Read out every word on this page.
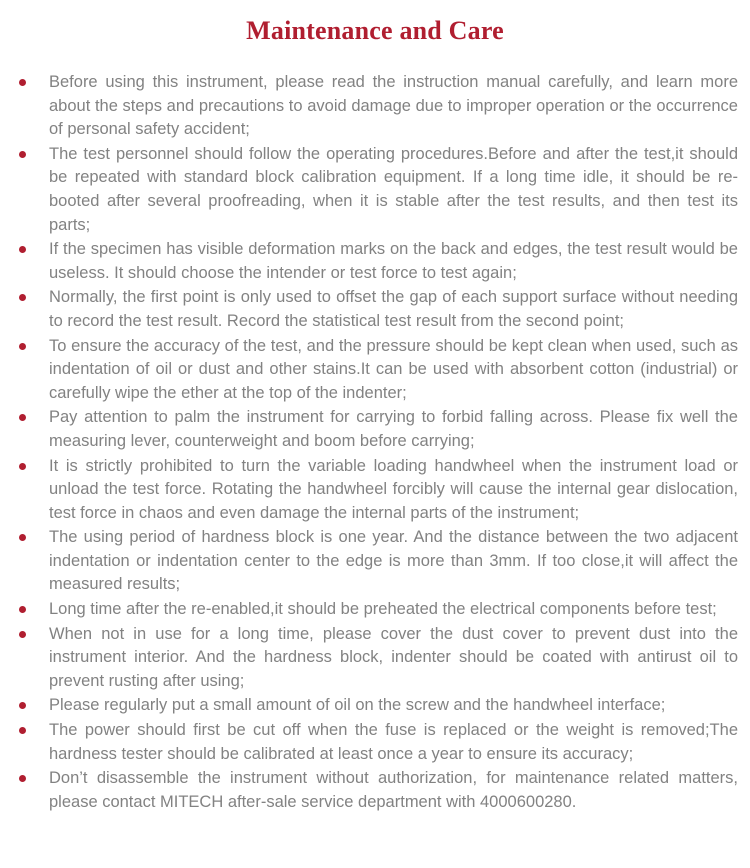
Maintenance and Care

Before using this instrument, please read the instruction manual carefully, and learn more about the steps and precautions to avoid damage due to improper operation or the occurrence of personal safety accident;

The test personnel should follow the operating procedures.Before and after the test,it should be repeated with standard block calibration equipment. If a long time idle, it should be re-booted after several proofreading, when it is stable after the test results, and then test its parts;

If the specimen has visible deformation marks on the back and edges, the test result would be useless. It should choose the intender or test force to test again;

Normally, the first point is only used to offset the gap of each support surface without needing to record the test result. Record the statistical test result from the second point;

To ensure the accuracy of the test, and the pressure should be kept clean when used, such as indentation of oil or dust and other stains.It can be used with absorbent cotton (industrial) or carefully wipe the ether at the top of the indenter;

Pay attention to palm the instrument for carrying to forbid falling across. Please fix well the measuring lever, counterweight and boom before carrying;

It is strictly prohibited to turn the variable loading handwheel when the instrument load or unload the test force. Rotating the handwheel forcibly will cause the internal gear dislocation, test force in chaos and even damage the internal parts of the instrument;

The using period of hardness block is one year. And the distance between the two adjacent indentation or indentation center to the edge is more than 3mm. If too close,it will affect the measured results;

Long time after the re-enabled,it should be preheated the electrical components before test;

When not in use for a long time, please cover the dust cover to prevent dust into the instrument interior. And the hardness block, indenter should be coated with antirust oil to prevent rusting after using;

Please regularly put a small amount of oil on the screw and the handwheel interface;

The power should first be cut off when the fuse is replaced or the weight is removed;The hardness tester should be calibrated at least once a year to ensure its accuracy;

Don’t disassemble the instrument without authorization, for maintenance related matters, please contact MITECH after-sale service department with 4000600280.
